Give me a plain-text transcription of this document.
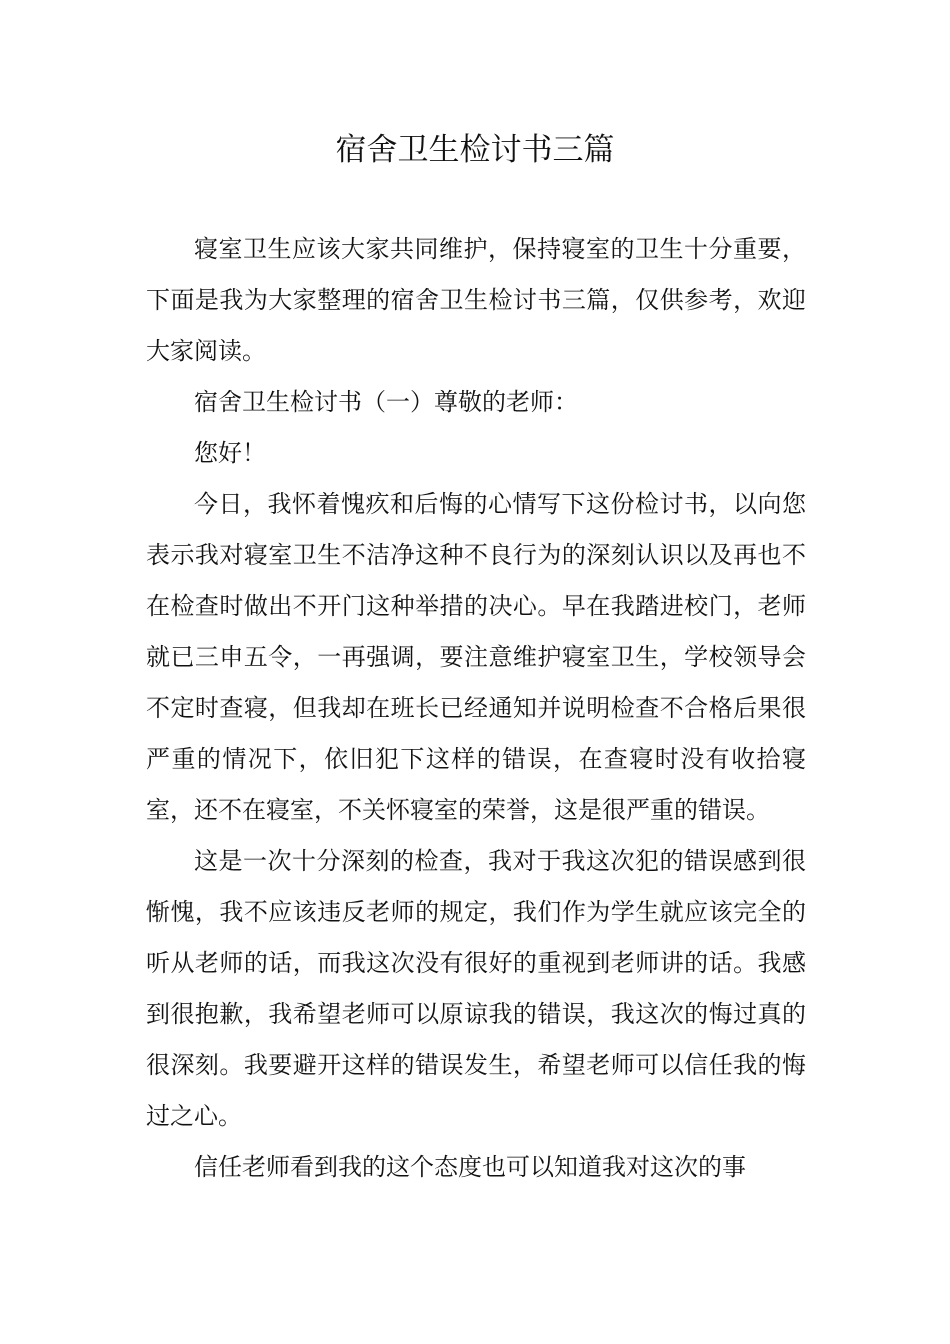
宿舍卫生检讨书三篇

寝室卫生应该大家共同维护，保持寝室的卫生十分重要，下面是我为大家整理的宿舍卫生检讨书三篇，仅供参考，欢迎大家阅读。

宿舍卫生检讨书（一）尊敬的老师：

您好！

今日，我怀着愧疚和后悔的心情写下这份检讨书，以向您表示我对寝室卫生不洁净这种不良行为的深刻认识以及再也不在检查时做出不开门这种举措的决心。早在我踏进校门，老师就已三申五令，一再强调，要注意维护寝室卫生，学校领导会不定时查寝，但我却在班长已经通知并说明检查不合格后果很严重的情况下，依旧犯下这样的错误，在查寝时没有收拾寝室，还不在寝室，不关怀寝室的荣誉，这是很严重的错误。

这是一次十分深刻的检查，我对于我这次犯的错误感到很惭愧，我不应该违反老师的规定，我们作为学生就应该完全的听从老师的话，而我这次没有很好的重视到老师讲的话。我感到很抱歉，我希望老师可以原谅我的错误，我这次的悔过真的很深刻。我要避开这样的错误发生，希望老师可以信任我的悔过之心。

信任老师看到我的这个态度也可以知道我对这次的事
